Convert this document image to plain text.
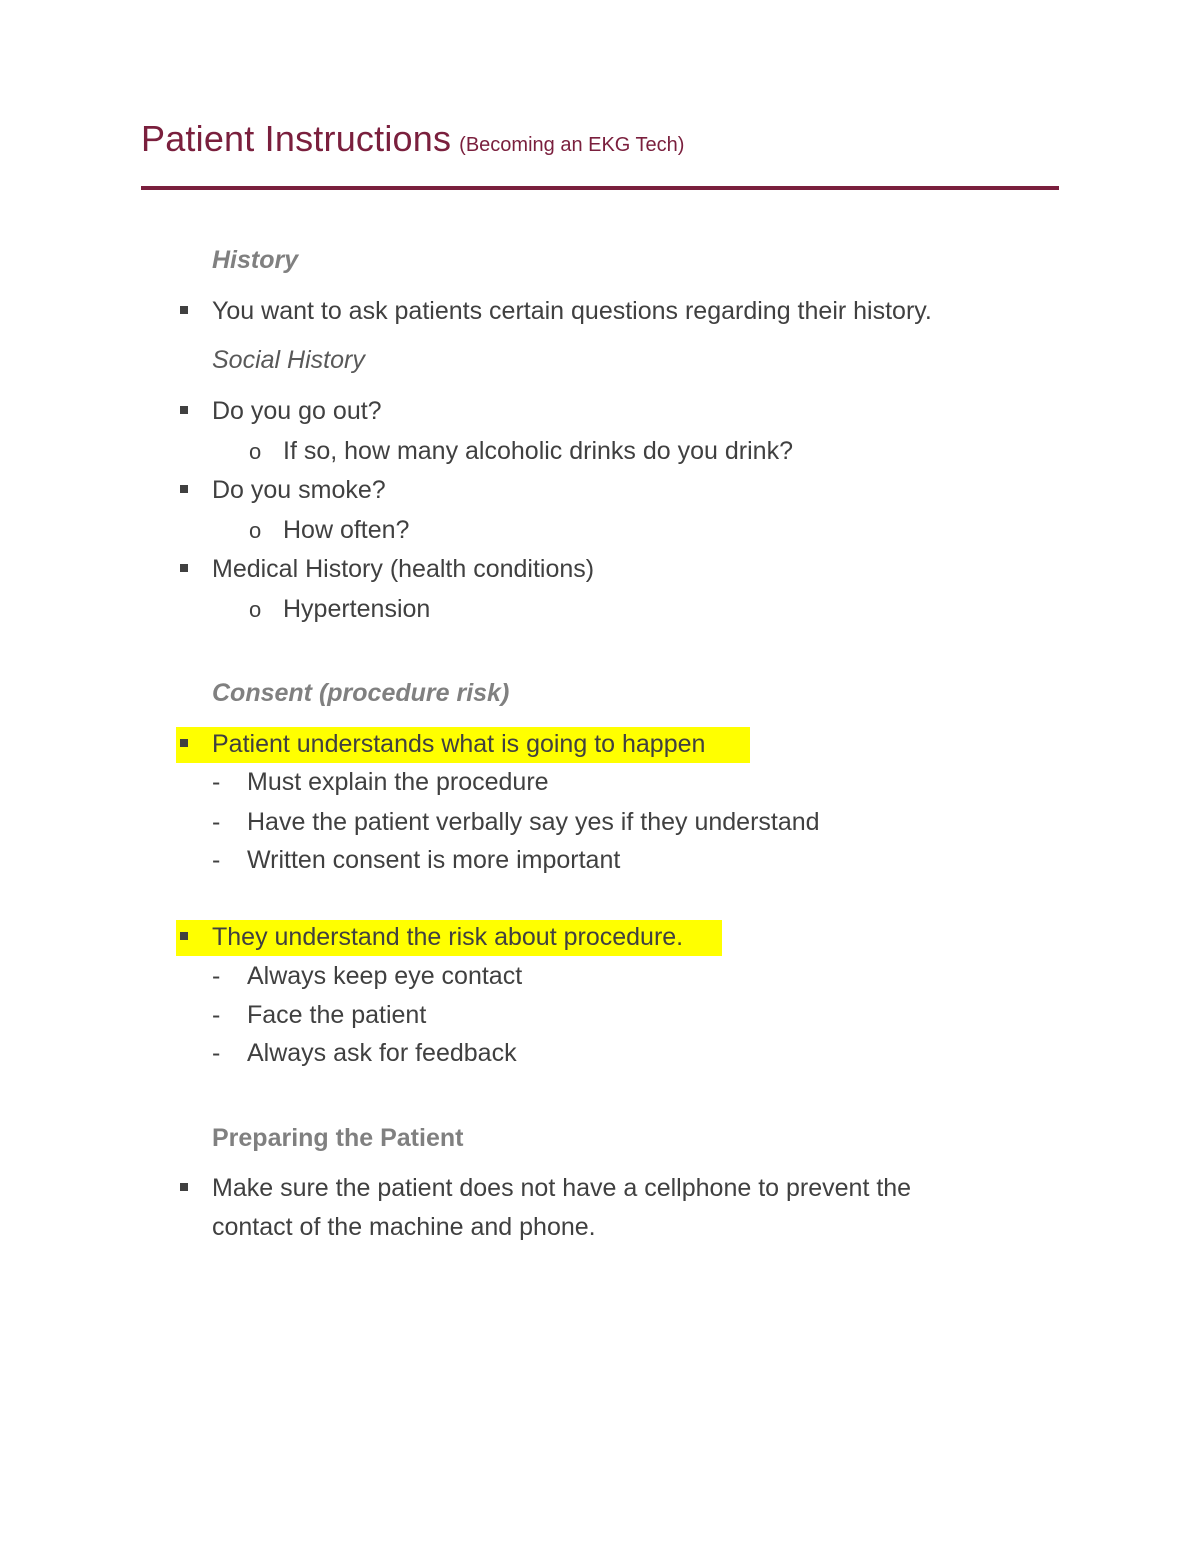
Patient Instructions (Becoming an EKG Tech)
History
You want to ask patients certain questions regarding their history.
Social History
Do you go out?
o If so, how many alcoholic drinks do you drink?
Do you smoke?
o How often?
Medical History (health conditions)
o Hypertension
Consent (procedure risk)
Patient understands what is going to happen
- Must explain the procedure
- Have the patient verbally say yes if they understand
- Written consent is more important
They understand the risk about procedure.
- Always keep eye contact
- Face the patient
- Always ask for feedback
Preparing the Patient
Make sure the patient does not have a cellphone to prevent the
contact of the machine and phone.
